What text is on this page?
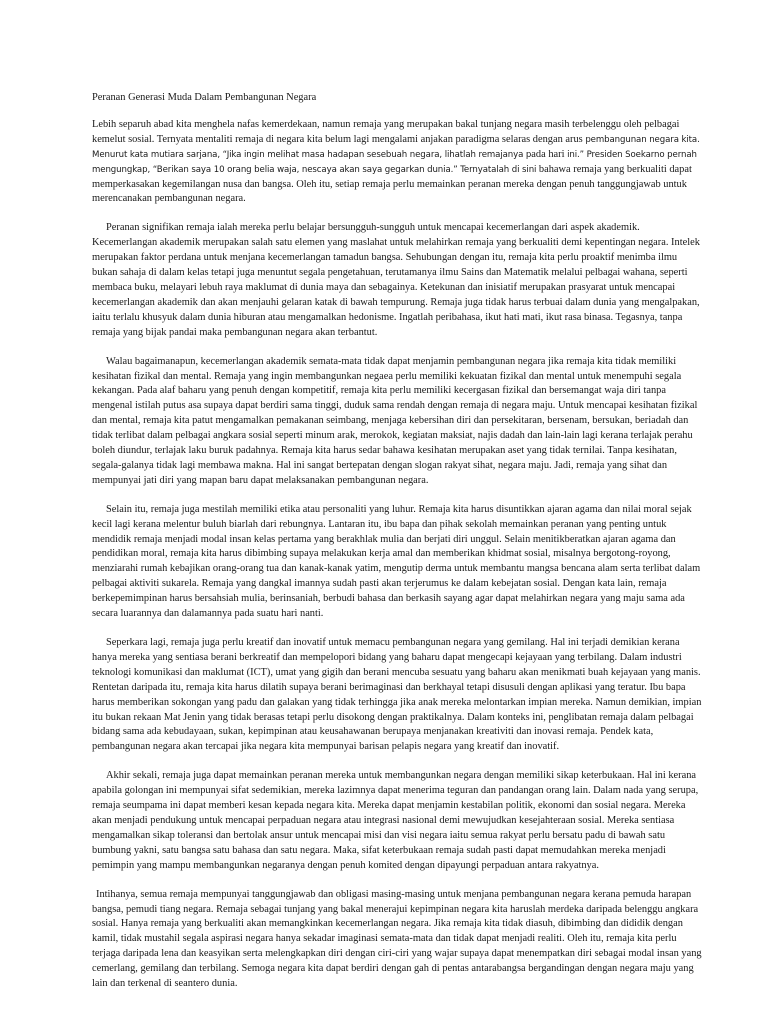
Peranan Generasi Muda Dalam Pembangunan Negara

Lebih separuh abad kita menghela nafas kemerdekaan, namun remaja yang merupakan bakal tunjang negara masih terbelenggu oleh pelbagai kemelut sosial. Ternyata mentaliti remaja di negara kita belum lagi mengalami anjakan paradigma selaras dengan arus pembangunan negara kita. Menurut kata mutiara sarjana, “Jika ingin melihat masa hadapan sesebuah negara, lihatlah remajanya pada hari ini.” Presiden Soekarno pernah mengungkap, “Berikan saya 10 orang belia waja, nescaya akan saya gegarkan dunia.” Ternyatalah di sini bahawa remaja yang berkualiti dapat memperkasakan kegemilangan nusa dan bangsa. Oleh itu, setiap remaja perlu memainkan peranan mereka dengan penuh tanggungjawab untuk merencanakan pembangunan negara.

Peranan signifikan remaja ialah mereka perlu belajar bersungguh-sungguh untuk mencapai kecemerlangan dari aspek akademik. Kecemerlangan akademik merupakan salah satu elemen yang maslahat untuk melahirkan remaja yang berkualiti demi kepentingan negara. Intelek merupakan faktor perdana untuk menjana kecemerlangan tamadun bangsa. Sehubungan dengan itu, remaja kita perlu proaktif menimba ilmu bukan sahaja di dalam kelas tetapi juga menuntut segala pengetahuan, terutamanya ilmu Sains dan Matematik melalui pelbagai wahana, seperti membaca buku, melayari lebuh raya maklumat di dunia maya dan sebagainya. Ketekunan dan inisiatif merupakan prasyarat untuk mencapai kecemerlangan akademik dan akan menjauhi gelaran katak di bawah tempurung. Remaja juga tidak harus terbuai dalam dunia yang mengalpakan, iaitu terlalu khusyuk dalam dunia hiburan atau mengamalkan hedonisme. Ingatlah peribahasa, ikut hati mati, ikut rasa binasa. Tegasnya, tanpa remaja yang bijak pandai maka pembangunan negara akan terbantut.

Walau bagaimanapun, kecemerlangan akademik semata-mata tidak dapat menjamin pembangunan negara jika remaja kita tidak memiliki kesihatan fizikal dan mental. Remaja yang ingin membangunkan negaea perlu memiliki kekuatan fizikal dan mental untuk menempuhi segala kekangan. Pada alaf baharu yang penuh dengan kompetitif, remaja kita perlu memiliki kecergasan fizikal dan bersemangat waja diri tanpa mengenal istilah putus asa supaya dapat berdiri sama tinggi, duduk sama rendah dengan remaja di negara maju. Untuk mencapai kesihatan fizikal dan mental, remaja kita patut mengamalkan pemakanan seimbang, menjaga kebersihan diri dan persekitaran, bersenam, bersukan, beriadah dan tidak terlibat dalam pelbagai angkara sosial seperti minum arak, merokok, kegiatan maksiat, najis dadah dan lain-lain lagi kerana terlajak perahu boleh diundur, terlajak laku buruk padahnya. Remaja kita harus sedar bahawa kesihatan merupakan aset yang tidak ternilai. Tanpa kesihatan, segala-galanya tidak lagi membawa makna. Hal ini sangat bertepatan dengan slogan rakyat sihat, negara maju. Jadi, remaja yang sihat dan mempunyai jati diri yang mapan baru dapat melaksanakan pembangunan negara.

Selain itu, remaja juga mestilah memiliki etika atau personaliti yang luhur. Remaja kita harus disuntikkan ajaran agama dan nilai moral sejak kecil lagi kerana melentur buluh biarlah dari rebungnya. Lantaran itu, ibu bapa dan pihak sekolah memainkan peranan yang penting untuk mendidik remaja menjadi modal insan kelas pertama yang berakhlak mulia dan berjati diri unggul. Selain menitikberatkan ajaran agama dan pendidikan moral, remaja kita harus dibimbing supaya melakukan kerja amal dan memberikan khidmat sosial, misalnya bergotong-royong, menziarahi rumah kebajikan orang-orang tua dan kanak-kanak yatim, mengutip derma untuk membantu mangsa bencana alam serta terlibat dalam pelbagai aktiviti sukarela. Remaja yang dangkal imannya sudah pasti akan terjerumus ke dalam kebejatan sosial. Dengan kata lain, remaja berkepemimpinan harus bersahsiah mulia, berinsaniah, berbudi bahasa dan berkasih sayang agar dapat melahirkan negara yang maju sama ada secara luarannya dan dalamannya pada suatu hari nanti.

Seperkara lagi, remaja juga perlu kreatif dan inovatif untuk memacu pembangunan negara yang gemilang. Hal ini terjadi demikian kerana hanya mereka yang sentiasa berani berkreatif dan mempelopori bidang yang baharu dapat mengecapi kejayaan yang terbilang. Dalam industri teknologi komunikasi dan maklumat (ICT), umat yang gigih dan berani mencuba sesuatu yang baharu akan menikmati buah kejayaan yang manis. Rentetan daripada itu, remaja kita harus dilatih supaya berani berimaginasi dan berkhayal tetapi disusuli dengan aplikasi yang teratur. Ibu bapa harus memberikan sokongan yang padu dan galakan yang tidak terhingga jika anak mereka melontarkan impian mereka. Namun demikian, impian itu bukan rekaan Mat Jenin yang tidak berasas tetapi perlu disokong dengan praktikalnya. Dalam konteks ini, penglibatan remaja dalam pelbagai bidang sama ada kebudayaan, sukan, kepimpinan atau keusahawanan berupaya menjanakan kreativiti dan inovasi remaja. Pendek kata, pembangunan negara akan tercapai jika negara kita mempunyai barisan pelapis negara yang kreatif dan inovatif.

Akhir sekali, remaja juga dapat memainkan peranan mereka untuk membangunkan negara dengan memiliki sikap keterbukaan. Hal ini kerana apabila golongan ini mempunyai sifat sedemikian, mereka lazimnya dapat menerima teguran dan pandangan orang lain. Dalam nada yang serupa, remaja seumpama ini dapat memberi kesan kepada negara kita. Mereka dapat menjamin kestabilan politik, ekonomi dan sosial negara. Mereka akan menjadi pendukung untuk mencapai perpaduan negara atau integrasi nasional demi mewujudkan kesejahteraan sosial. Mereka sentiasa mengamalkan sikap toleransi dan bertolak ansur untuk mencapai misi dan visi negara iaitu semua rakyat perlu bersatu padu di bawah satu bumbung yakni, satu bangsa satu bahasa dan satu negara. Maka, sifat keterbukaan remaja sudah pasti dapat memudahkan mereka menjadi pemimpin yang mampu membangunkan negaranya dengan penuh komited dengan dipayungi perpaduan antara rakyatnya.

Intihanya, semua remaja mempunyai tanggungjawab dan obligasi masing-masing untuk menjana pembangunan negara kerana pemuda harapan bangsa, pemudi tiang negara. Remaja sebagai tunjang yang bakal menerajui kepimpinan negara kita haruslah merdeka daripada belenggu angkara sosial. Hanya remaja yang berkualiti akan memangkinkan kecemerlangan negara. Jika remaja kita tidak diasuh, dibimbing dan dididik dengan kamil, tidak mustahil segala aspirasi negara hanya sekadar imaginasi semata-mata dan tidak dapat menjadi realiti. Oleh itu, remaja kita perlu terjaga daripada lena dan keasyikan serta melengkapkan diri dengan ciri-ciri yang wajar supaya dapat menempatkan diri sebagai modal insan yang cemerlang, gemilang dan terbilang. Semoga negara kita dapat berdiri dengan gah di pentas antarabangsa bergandingan dengan negara maju yang lain dan terkenal di seantero dunia.
